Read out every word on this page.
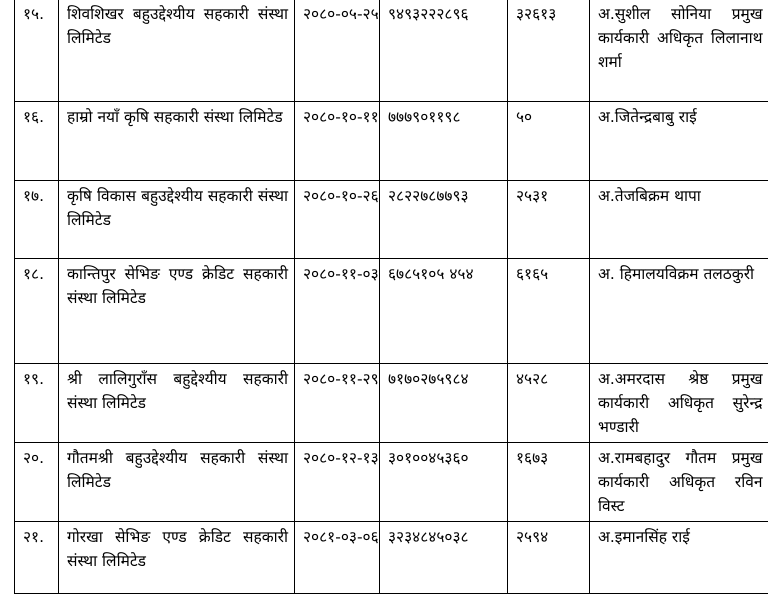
१५.	शिवशिखर बहुउद्देश्यीय सहकारी संस्था लिमिटेड	२०८०-०५-२५	९४९३२२२८९६	३२६१३	अ.सुशील सोनिया प्रमुख कार्यकारी अधिकृत लिलानाथ शर्मा

१६.	हाम्रो नयाँ कृषि सहकारी संस्था लिमिटेड	२०८०-१०-११	७७७९०११९८	५०	अ.जितेन्द्रबाबु राई

१७.	कृषि विकास बहुउद्देश्यीय सहकारी संस्था लिमिटेड	२०८०-१०-२६	२८२२७८७७९३	२५३१	अ.तेजबिक्रम थापा

१८.	कान्तिपुर सेभिङ एण्ड क्रेडिट सहकारी संस्था लिमिटेड	२०८०-११-०३	६७८५१०५ ४५४	६१६५	अ. हिमालयविक्रम तलठकुरी

१९.	श्री लालिगुराँस बहुद्देश्यीय सहकारी संस्था लिमिटेड	२०८०-११-२९	७१७०२७५९८४	४५२८	अ.अमरदास श्रेष्ठ प्रमुख कार्यकारी अधिकृत सुरेन्द्र भण्डारी

२०.	गौतमश्री बहुउद्देश्यीय सहकारी संस्था लिमिटेड	२०८०-१२-१३	३०१००४५३६०	१६७३	अ.रामबहादुर गौतम प्रमुख कार्यकारी अधिकृत रविन विस्ट

२१.	गोरखा सेभिङ एण्ड क्रेडिट सहकारी संस्था लिमिटेड	२०८१-०३-०६	३२३४८४५०३८	२५९४	अ.इमानसिंह राई
